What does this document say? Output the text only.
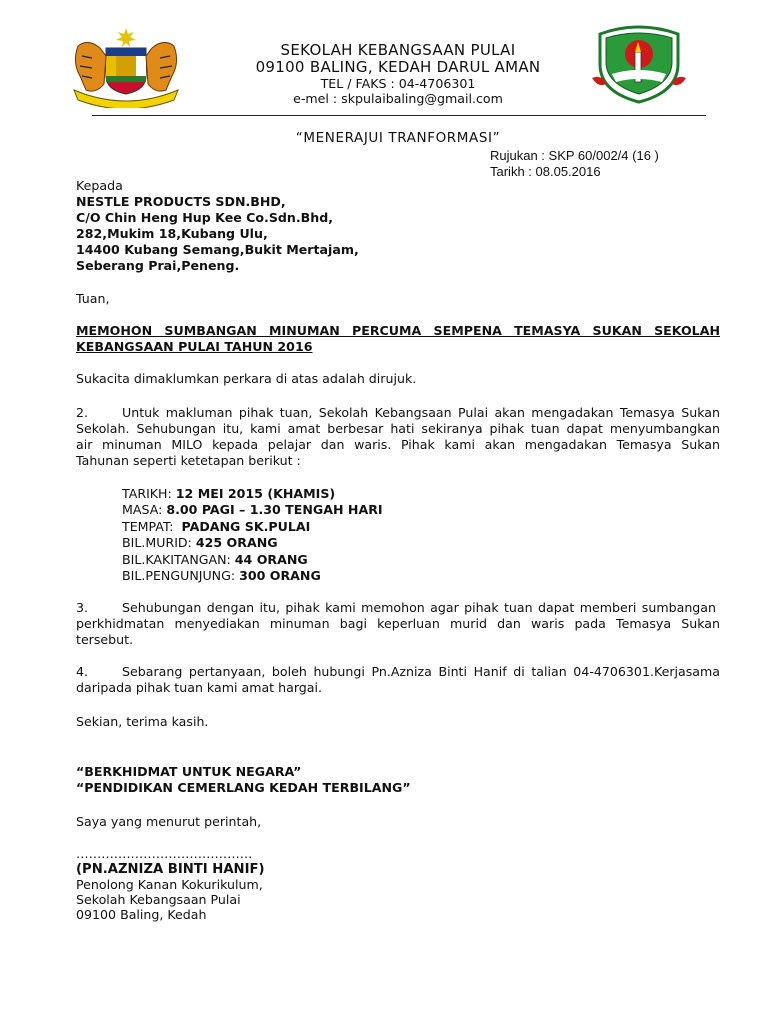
SEKOLAH KEBANGSAAN PULAI
09100 BALING, KEDAH DARUL AMAN
TEL / FAKS : 04-4706301
e-mel : skpulaibaling@gmail.com
“MENERAJUI TRANFORMASI”
Rujukan : SKP 60/002/4 (16 )
Tarikh : 08.05.2016
Kepada
NESTLE PRODUCTS SDN.BHD,
C/O Chin Heng Hup Kee Co.Sdn.Bhd,
282,Mukim 18,Kubang Ulu,
14400 Kubang Semang,Bukit Mertajam,
Seberang Prai,Peneng.
Tuan,
MEMOHON SUMBANGAN MINUMAN PERCUMA SEMPENA TEMASYA SUKAN SEKOLAH
KEBANGSAAN PULAI TAHUN 2016
Sukacita dimaklumkan perkara di atas adalah dirujuk.
2.	Untuk makluman pihak tuan, Sekolah Kebangsaan Pulai akan mengadakan Temasya Sukan
Sekolah. Sehubungan itu, kami amat berbesar hati sekiranya pihak tuan dapat menyumbangkan
air minuman MILO kepada pelajar dan waris. Pihak kami akan mengadakan Temasya Sukan
Tahunan seperti ketetapan berikut :
TARIKH: 12 MEI 2015 (KHAMIS)
MASA: 8.00 PAGI – 1.30 TENGAH HARI
TEMPAT:  PADANG SK.PULAI
BIL.MURID: 425 ORANG
BIL.KAKITANGAN: 44 ORANG
BIL.PENGUNJUNG: 300 ORANG
3.	Sehubungan dengan itu, pihak kami memohon agar pihak tuan dapat memberi sumbangan
perkhidmatan menyediakan minuman bagi keperluan murid dan waris pada Temasya Sukan
tersebut.
4.	Sebarang pertanyaan, boleh hubungi Pn.Azniza Binti Hanif di talian 04-4706301.Kerjasama
daripada pihak tuan kami amat hargai.
Sekian, terima kasih.
“BERKHIDMAT UNTUK NEGARA”
“PENDIDIKAN CEMERLANG KEDAH TERBILANG”
Saya yang menurut perintah,
……………………………………
(PN.AZNIZA BINTI HANIF)
Penolong Kanan Kokurikulum,
Sekolah Kebangsaan Pulai
09100 Baling, Kedah
